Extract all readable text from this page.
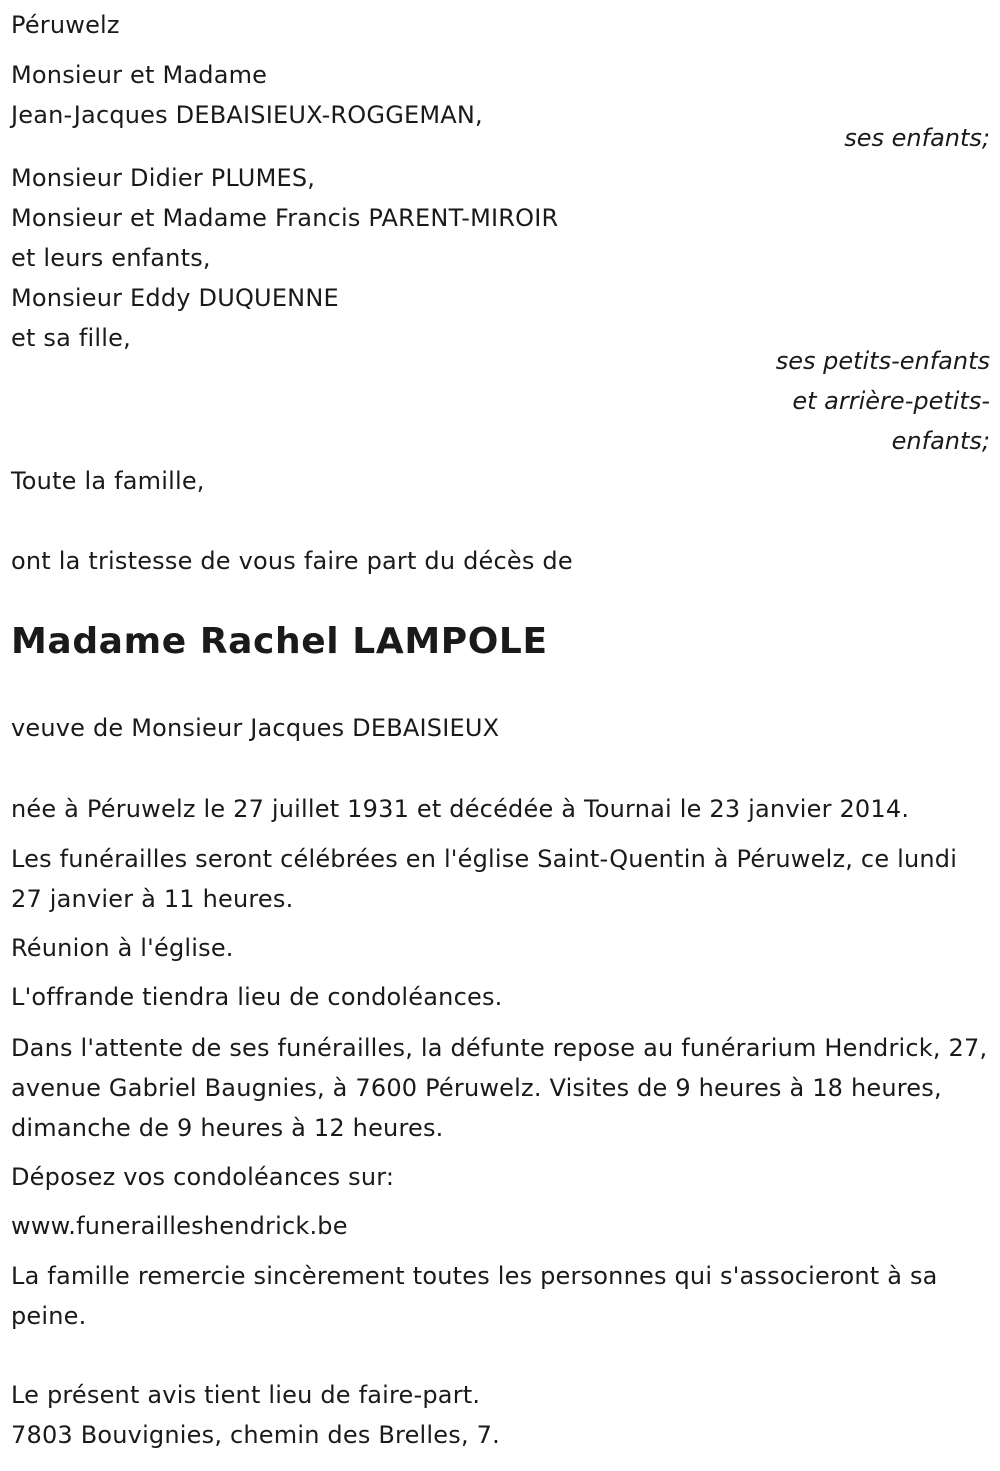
Péruwelz
Monsieur et Madame
Jean-Jacques DEBAISIEUX-ROGGEMAN,
ses enfants;
Monsieur Didier PLUMES,
Monsieur et Madame Francis PARENT-MIROIR
et leurs enfants,
Monsieur Eddy DUQUENNE
et sa fille,
ses petits-enfants
et arrière-petits-
enfants;
Toute la famille,
ont la tristesse de vous faire part du décès de
Madame Rachel LAMPOLE
veuve de Monsieur Jacques DEBAISIEUX
née à Péruwelz le 27 juillet 1931 et décédée à Tournai le 23 janvier 2014.
Les funérailles seront célébrées en l'église Saint-Quentin à Péruwelz, ce lundi 27 janvier à 11 heures.
Réunion à l'église.
L'offrande tiendra lieu de condoléances.
Dans l'attente de ses funérailles, la défunte repose au funérarium Hendrick, 27, avenue Gabriel Baugnies, à 7600 Péruwelz. Visites de 9 heures à 18 heures, dimanche de 9 heures à 12 heures.
Déposez vos condoléances sur:
www.funerailleshendrick.be
La famille remercie sincèrement toutes les personnes qui s'associeront à sa peine.
Le présent avis tient lieu de faire-part.
7803 Bouvignies, chemin des Brelles, 7.
